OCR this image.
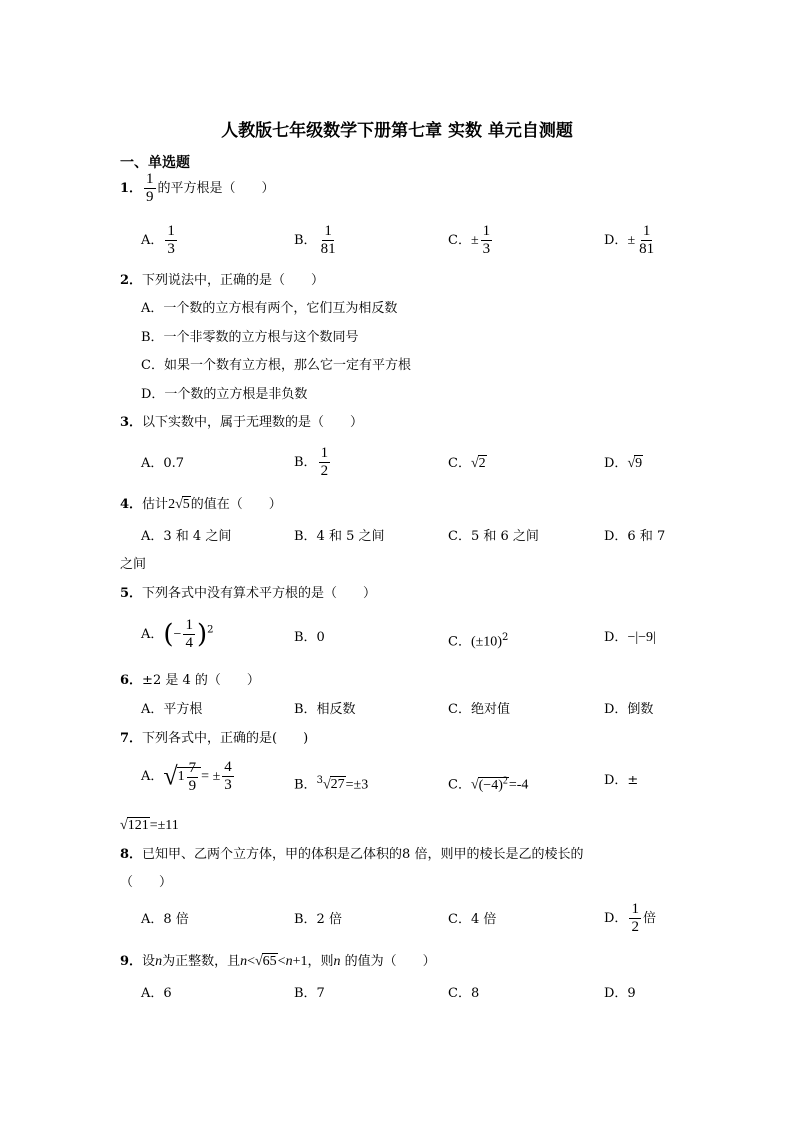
人教版七年级数学下册第七章 实数 单元自测题
一、单选题
1． $\frac{1}{9}$ 的平方根是（　　）
A． $\frac{1}{3}$	B． $\frac{1}{81}$	C．± $\frac{1}{3}$	D．± $\frac{1}{81}$
2．下列说法中，正确的是（　　）
A．一个数的立方根有两个，它们互为相反数
B．一个非零数的立方根与这个数同号
C．如果一个数有立方根，那么它一定有平方根
D．一个数的立方根是非负数
3．以下实数中，属于无理数的是（　　）
A．0.7	B． $\frac{1}{2}$	C．√2	D．√9
4．估计2√5的值在（　　）
A．3 和 4 之间	B．4 和 5 之间	C．5 和 6 之间	D．6 和 7
之间
5．下列各式中没有算术平方根的是（　　）
A．(− $\frac{1}{4} )^2$	B．0	C．$(\pm 10)^2$	D．−|−9|
6．±2 是 4 的（　　）
A．平方根	B．相反数	C．绝对值	D．倒数
7．下列各式中，正确的是(　　)
A．$√1 \frac{7}{9}$ = ± $\frac{4}{3}$	B．$^3$√27=±3	C．$√(-4)^2=-4$	D．±
√121=±11
8．已知甲、乙两个立方体，甲的体积是乙体积的8 倍，则甲的棱长是乙的棱长的
（　　）
A．8 倍	B．2 倍	C．4 倍	D． $\frac{1}{2}$ 倍
9．设n为正整数，且n<√65<n+1，则n 的值为（　　）
A．6	B．7	C．8	D．9
